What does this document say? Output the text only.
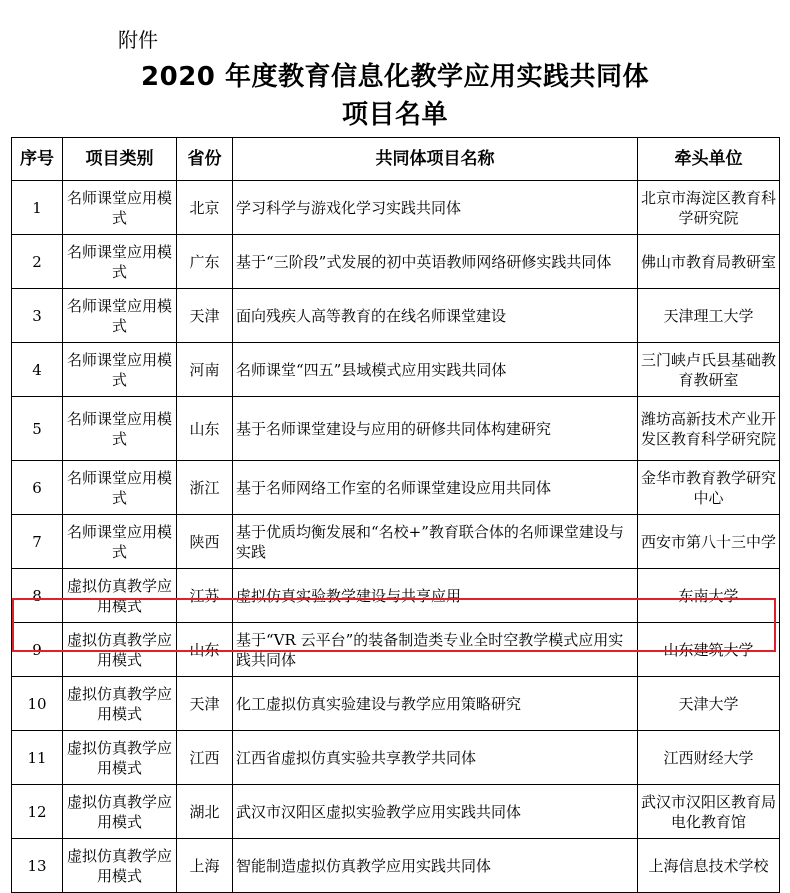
附件
2020 年度教育信息化教学应用实践共同体
项目名单
序号	项目类别	省份	共同体项目名称	牵头单位
1	名师课堂应用模式	北京	学习科学与游戏化学习实践共同体	北京市海淀区教育科学研究院
2	名师课堂应用模式	广东	基于“三阶段”式发展的初中英语教师网络研修实践共同体	佛山市教育局教研室
3	名师课堂应用模式	天津	面向残疾人高等教育的在线名师课堂建设	天津理工大学
4	名师课堂应用模式	河南	名师课堂“四五”县域模式应用实践共同体	三门峡卢氏县基础教育教研室
5	名师课堂应用模式	山东	基于名师课堂建设与应用的研修共同体构建研究	潍坊高新技术产业开发区教育科学研究院
6	名师课堂应用模式	浙江	基于名师网络工作室的名师课堂建设应用共同体	金华市教育教学研究中心
7	名师课堂应用模式	陕西	基于优质均衡发展和“名校+”教育联合体的名师课堂建设与实践	西安市第八十三中学
8	虚拟仿真教学应用模式	江苏	虚拟仿真实验教学建设与共享应用	东南大学
9	虚拟仿真教学应用模式	山东	基于“VR 云平台”的装备制造类专业全时空教学模式应用实践共同体	山东建筑大学
10	虚拟仿真教学应用模式	天津	化工虚拟仿真实验建设与教学应用策略研究	天津大学
11	虚拟仿真教学应用模式	江西	江西省虚拟仿真实验共享教学共同体	江西财经大学
12	虚拟仿真教学应用模式	湖北	武汉市汉阳区虚拟实验教学应用实践共同体	武汉市汉阳区教育局电化教育馆
13	虚拟仿真教学应用模式	上海	智能制造虚拟仿真教学应用实践共同体	上海信息技术学校
